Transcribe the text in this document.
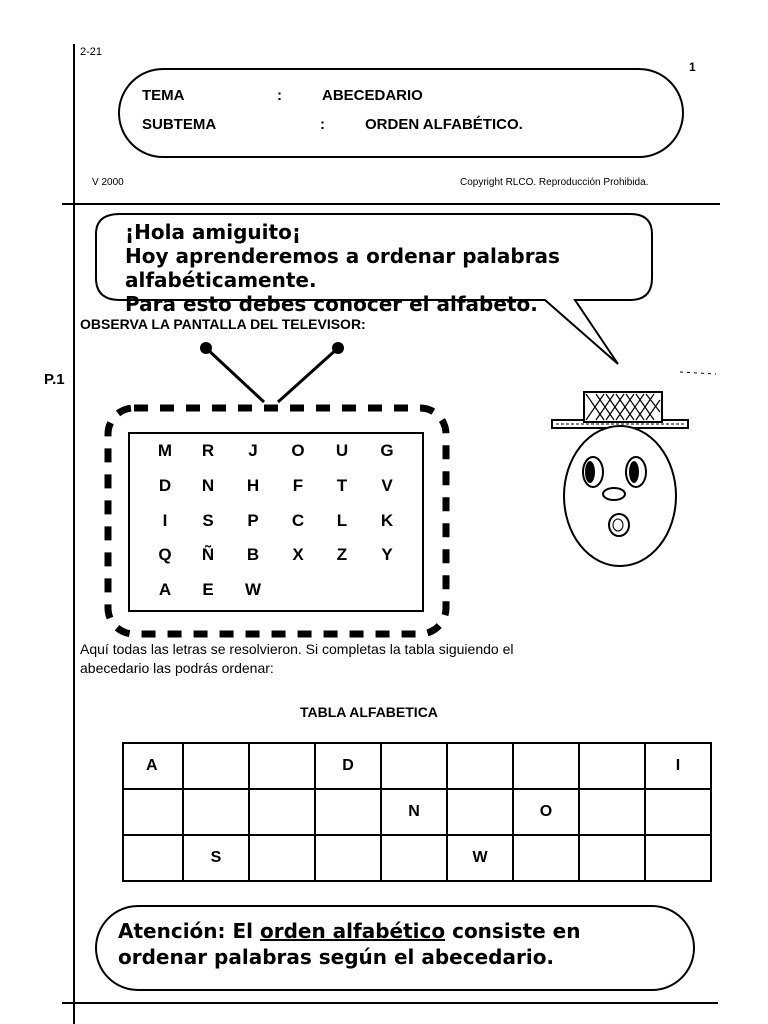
2-21
1
TEMA	:	ABECEDARIO
SUBTEMA	:	ORDEN ALFABÉTICO.
V 2000	Copyright RLCO. Reproducción Prohibida.
P.1
¡Hola amiguito¡
Hoy aprenderemos a ordenar palabras
alfabéticamente.
Para esto debes conocer el alfabeto.
OBSERVA LA PANTALLA DEL TELEVISOR:
M	R	J	O	U	G
D	N	H	F	T	V
I	S	P	C	L	K
Q	Ñ	B	X	Z	Y
A	E	W
Aquí todas las letras se resolvieron. Si completas la tabla siguiendo el
abecedario las podrás ordenar:
TABLA ALFABETICA
A			D					I
				N		O		
	S				W			
Atención: El orden alfabético consiste en
ordenar palabras según el abecedario.
